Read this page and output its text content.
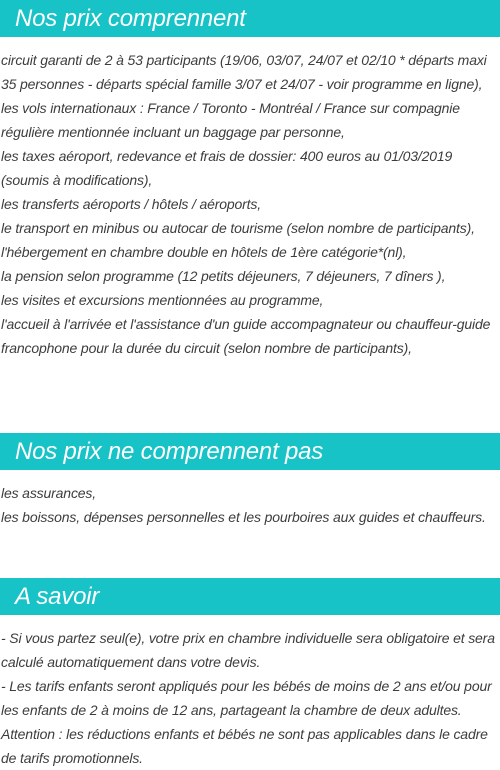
Nos prix comprennent

circuit garanti de 2 à 53 participants (19/06, 03/07, 24/07 et 02/10 * départs maxi 35 personnes - départs spécial famille 3/07 et 24/07 - voir programme en ligne),

les vols internationaux : France / Toronto - Montréal / France sur compagnie régulière mentionnée incluant un baggage par personne,

les taxes aéroport, redevance et frais de dossier: 400 euros au 01/03/2019 (soumis à modifications),

les transferts aéroports / hôtels / aéroports,

le transport en minibus ou autocar de tourisme (selon nombre de participants),

l'hébergement en chambre double en hôtels de 1ère catégorie*(nl),

la pension selon programme (12 petits déjeuners, 7 déjeuners, 7 dîners ),

les visites et excursions mentionnées au programme,

l'accueil à l'arrivée et l'assistance d'un guide accompagnateur ou chauffeur-guide francophone pour la durée du circuit (selon nombre de participants),

Nos prix ne comprennent pas

les assurances,

les boissons, dépenses personnelles et les pourboires aux guides et chauffeurs.

A savoir

- Si vous partez seul(e), votre prix en chambre individuelle sera obligatoire et sera calculé automatiquement dans votre devis.

- Les tarifs enfants seront appliqués pour les bébés de moins de 2 ans et/ou pour les enfants de 2 à moins de 12 ans, partageant la chambre de deux adultes.

Attention : les réductions enfants et bébés ne sont pas applicables dans le cadre de tarifs promotionnels.
